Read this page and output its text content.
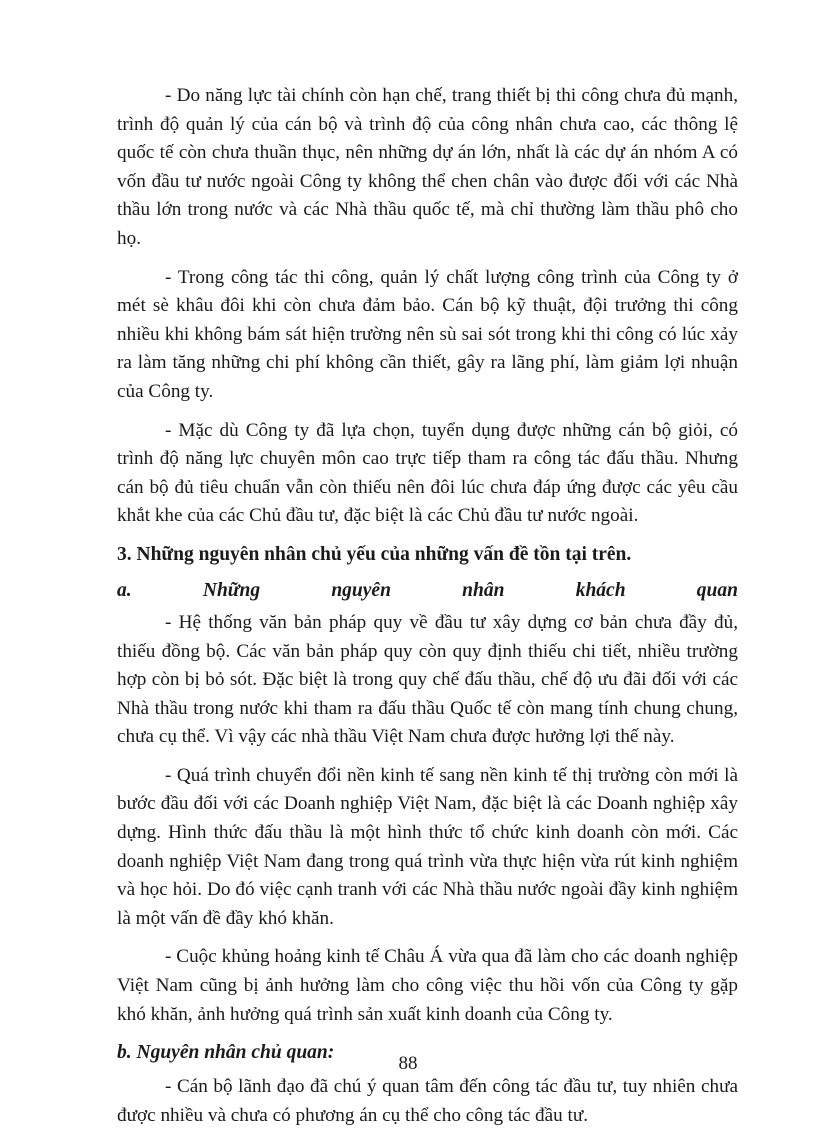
- Do năng lực tài chính còn hạn chế, trang thiết bị thi công chưa đủ mạnh, trình độ quản lý của cán bộ và trình độ của công nhân chưa cao, các thông lệ quốc tế còn chưa thuần thục, nên những dự án lớn, nhất là các dự án nhóm A có vốn đầu tư nước ngoài Công ty không thể chen chân vào được đối với các Nhà thầu lớn trong nước và các Nhà thầu quốc tế, mà chỉ thường làm thầu phô cho họ.

- Trong công tác thi công, quản lý chất lượng công trình của Công ty ở mét sè khâu đôi khi còn chưa đảm bảo. Cán bộ kỹ thuật, đội trưởng thi công nhiều khi không bám sát hiện trường nên sù sai sót trong khi thi công có lúc xảy ra làm tăng những chi phí không cần thiết, gây ra lãng phí, làm giảm lợi nhuận của Công ty.

- Mặc dù Công ty đã lựa chọn, tuyển dụng được những cán bộ giỏi, có trình độ năng lực chuyên môn cao trực tiếp tham ra công tác đấu thầu. Nhưng cán bộ đủ tiêu chuẩn vẫn còn thiếu nên đôi lúc chưa đáp ứng được các yêu cầu khắt khe của các Chủ đầu tư, đặc biệt là các Chủ đầu tư nước ngoài.

3. Những nguyên nhân chủ yếu của những vấn đề tồn tại trên.
a.	Những	nguyên	nhân	khách	quan

- Hệ thống văn bản pháp quy về đầu tư xây dựng cơ bản chưa đầy đủ, thiếu đồng bộ. Các văn bản pháp quy còn quy định thiếu chi tiết, nhiều trường hợp còn bị bỏ sót. Đặc biệt là trong quy chế đấu thầu, chế độ ưu đãi đối với các Nhà thầu trong nước khi tham ra đấu thầu Quốc tế còn mang tính chung chung, chưa cụ thể. Vì vậy các nhà thầu Việt Nam chưa được hưởng lợi thế này.

- Quá trình chuyển đổi nền kinh tế sang nền kinh tế thị trường còn mới là bước đầu đối với các Doanh nghiệp Việt Nam, đặc biệt là các Doanh nghiệp xây dựng. Hình thức đấu thầu là một hình thức tổ chức kinh doanh còn mới. Các doanh nghiệp Việt Nam đang trong quá trình vừa thực hiện vừa rút kinh nghiệm và học hỏi. Do đó việc cạnh tranh với các Nhà thầu nước ngoài đầy kinh nghiệm là một vấn đề đầy khó khăn.

- Cuộc khủng hoảng kinh tế Châu Á vừa qua đã làm cho các doanh nghiệp Việt Nam cũng bị ảnh hưởng làm cho công việc thu hồi vốn của Công ty gặp khó khăn, ảnh hưởng quá trình sản xuất kinh doanh của Công ty.

b. Nguyên nhân chủ quan:

- Cán bộ lãnh đạo đã chú ý quan tâm đến công tác đầu tư, tuy nhiên chưa được nhiều và chưa có phương án cụ thể cho công tác đầu tư.

88
